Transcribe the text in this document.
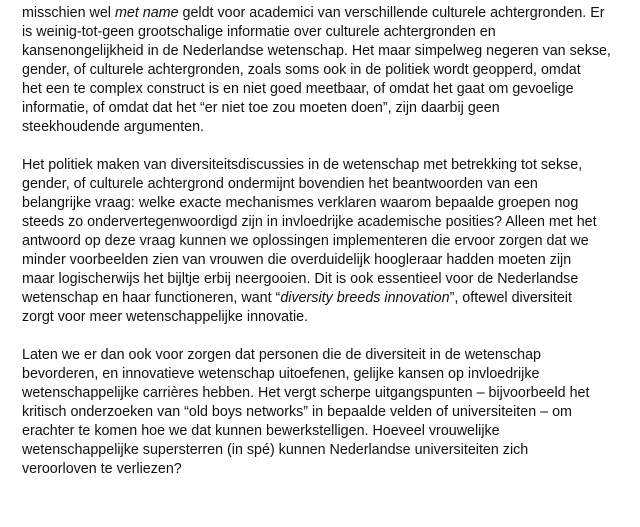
misschien wel met name geldt voor academici van verschillende culturele achtergronden. Er
is weinig-tot-geen grootschalige informatie over culturele achtergronden en
kansenongelijkheid in de Nederlandse wetenschap. Het maar simpelweg negeren van sekse,
gender, of culturele achtergronden, zoals soms ook in de politiek wordt geopperd, omdat
het een te complex construct is en niet goed meetbaar, of omdat het gaat om gevoelige
informatie, of omdat dat het “er niet toe zou moeten doen”, zijn daarbij geen
steekhoudende argumenten.

Het politiek maken van diversiteitsdiscussies in de wetenschap met betrekking tot sekse,
gender, of culturele achtergrond ondermijnt bovendien het beantwoorden van een
belangrijke vraag: welke exacte mechanismes verklaren waarom bepaalde groepen nog
steeds zo ondervertegenwoordigd zijn in invloedrijke academische posities? Alleen met het
antwoord op deze vraag kunnen we oplossingen implementeren die ervoor zorgen dat we
minder voorbeelden zien van vrouwen die overduidelijk hoogleraar hadden moeten zijn
maar logischerwijs het bijltje erbij neergooien. Dit is ook essentieel voor de Nederlandse
wetenschap en haar functioneren, want “diversity breeds innovation”, oftewel diversiteit
zorgt voor meer wetenschappelijke innovatie.

Laten we er dan ook voor zorgen dat personen die de diversiteit in de wetenschap
bevorderen, en innovatieve wetenschap uitoefenen, gelijke kansen op invloedrijke
wetenschappelijke carrières hebben. Het vergt scherpe uitgangspunten – bijvoorbeeld het
kritisch onderzoeken van “old boys networks” in bepaalde velden of universiteiten – om
erachter te komen hoe we dat kunnen bewerkstelligen. Hoeveel vrouwelijke
wetenschappelijke supersterren (in spé) kunnen Nederlandse universiteiten zich
veroorloven te verliezen?
